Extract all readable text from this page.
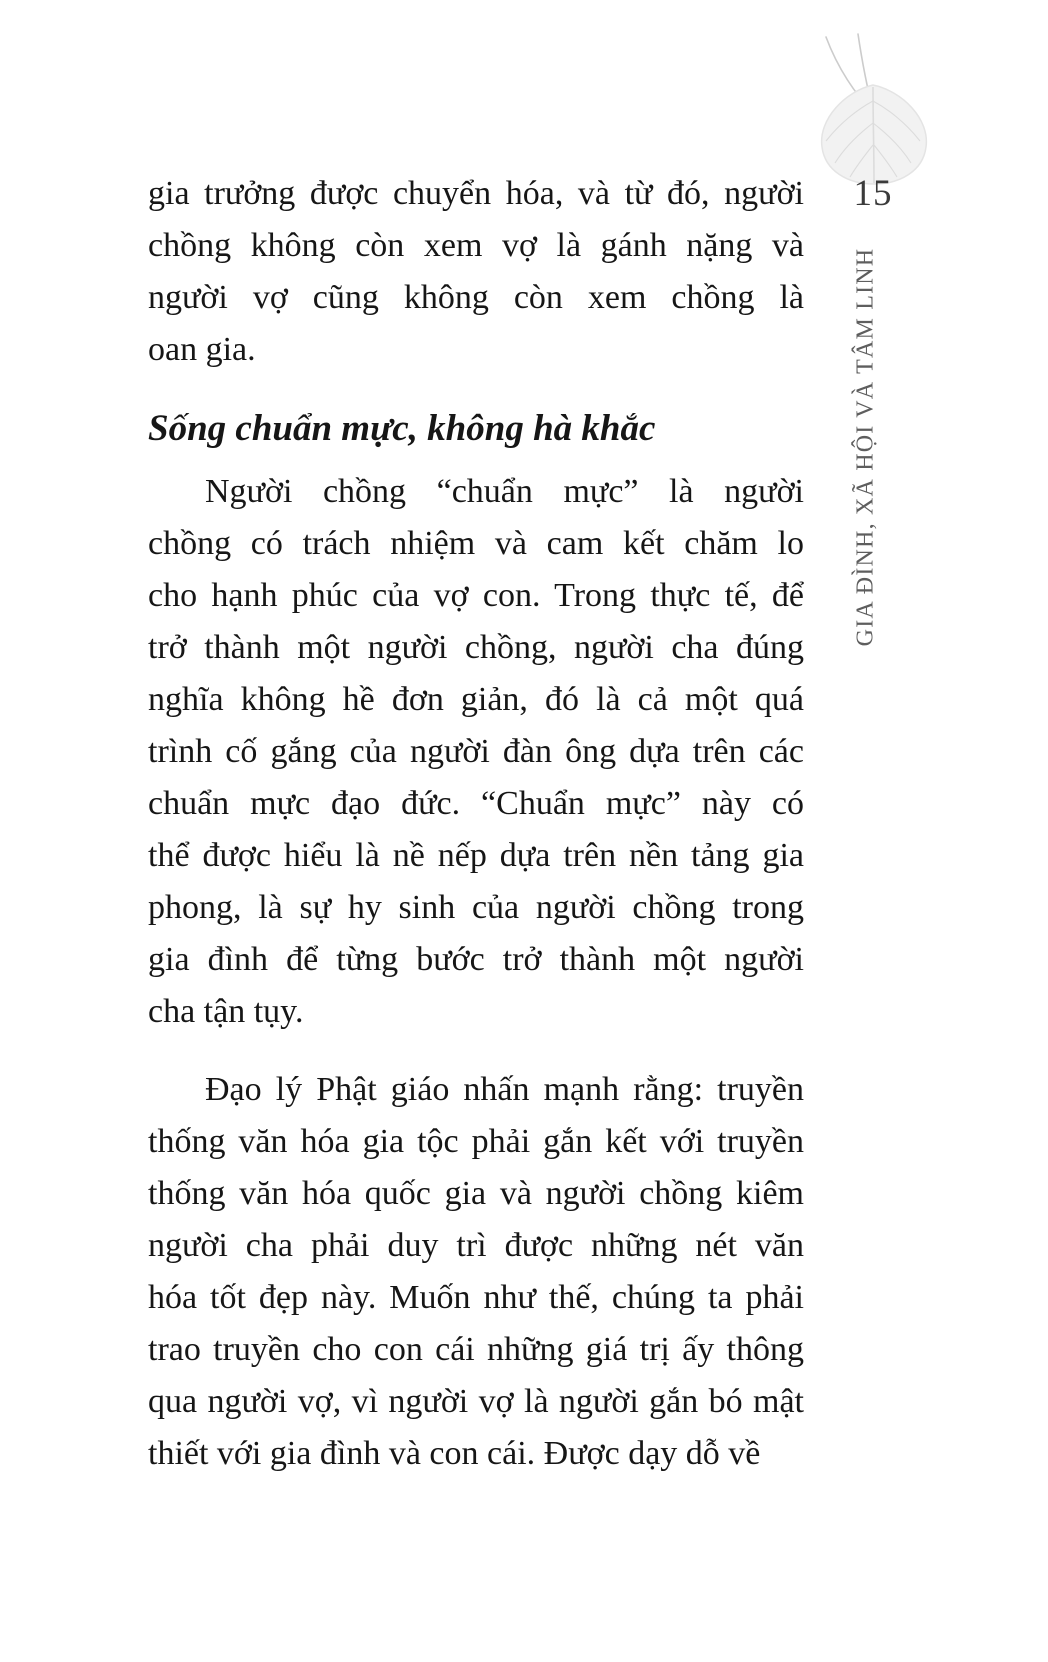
15
GIA ĐÌNH, XÃ HỘI VÀ TÂM LINH
gia trưởng được chuyển hóa, và từ đó, người
chồng không còn xem vợ là gánh nặng và
người vợ cũng không còn xem chồng là
oan gia.
Sống chuẩn mực, không hà khắc
Người chồng “chuẩn mực” là người
chồng có trách nhiệm và cam kết chăm lo
cho hạnh phúc của vợ con. Trong thực tế, để
trở thành một người chồng, người cha đúng
nghĩa không hề đơn giản, đó là cả một quá
trình cố gắng của người đàn ông dựa trên các
chuẩn mực đạo đức. “Chuẩn mực” này có
thể được hiểu là nề nếp dựa trên nền tảng gia
phong, là sự hy sinh của người chồng trong
gia đình để từng bước trở thành một người
cha tận tụy.
Đạo lý Phật giáo nhấn mạnh rằng: truyền
thống văn hóa gia tộc phải gắn kết với truyền
thống văn hóa quốc gia và người chồng kiêm
người cha phải duy trì được những nét văn
hóa tốt đẹp này. Muốn như thế, chúng ta phải
trao truyền cho con cái những giá trị ấy thông
qua người vợ, vì người vợ là người gắn bó mật
thiết với gia đình và con cái. Được dạy dỗ về
